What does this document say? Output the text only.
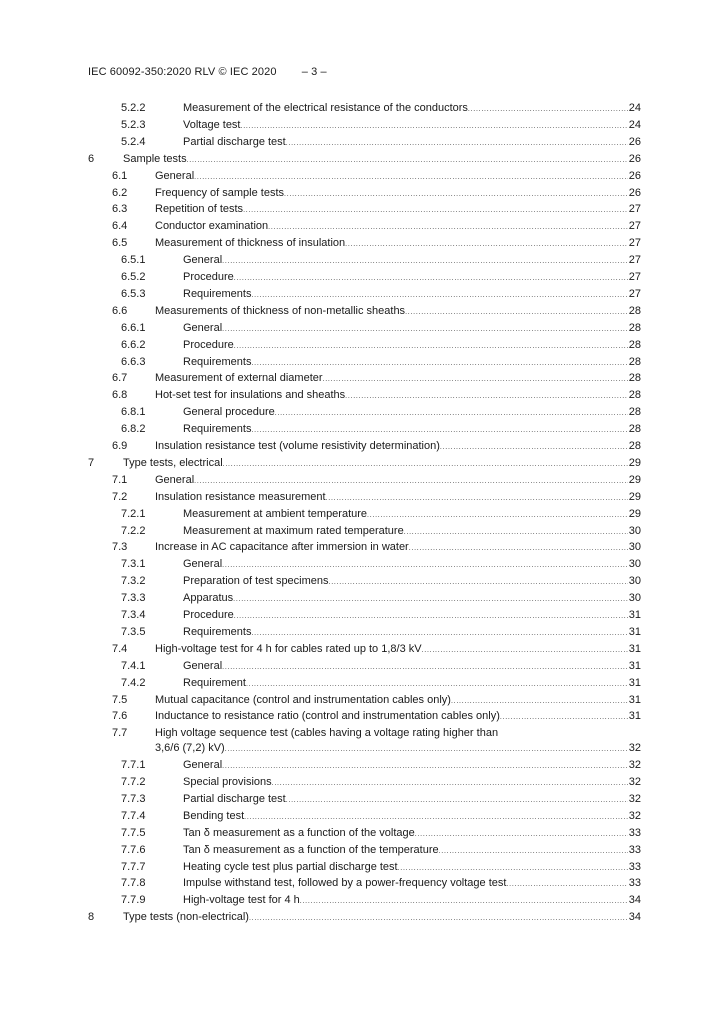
IEC 60092-350:2020 RLV © IEC 2020 – 3 –
5.2.2	Measurement of the electrical resistance of the conductors . . .	24
5.2.3	Voltage test . . .	24
5.2.4	Partial discharge test . . .	26
6	Sample tests . . .	26
6.1	General . . .	26
6.2	Frequency of sample tests . . .	26
6.3	Repetition of tests . . .	27
6.4	Conductor examination . . .	27
6.5	Measurement of thickness of insulation . . .	27
6.5.1	General . . .	27
6.5.2	Procedure . . .	27
6.5.3	Requirements . . .	27
6.6	Measurements of thickness of non-metallic sheaths . . .	28
6.6.1	General . . .	28
6.6.2	Procedure . . .	28
6.6.3	Requirements . . .	28
6.7	Measurement of external diameter . . .	28
6.8	Hot-set test for insulations and sheaths . . .	28
6.8.1	General procedure . . .	28
6.8.2	Requirements . . .	28
6.9	Insulation resistance test (volume resistivity determination) . . .	28
7	Type tests, electrical . . .	29
7.1	General . . .	29
7.2	Insulation resistance measurement . . .	29
7.2.1	Measurement at ambient temperature . . .	29
7.2.2	Measurement at maximum rated temperature . . .	30
7.3	Increase in AC capacitance after immersion in water . . .	30
7.3.1	General . . .	30
7.3.2	Preparation of test specimens . . .	30
7.3.3	Apparatus . . .	30
7.3.4	Procedure . . .	31
7.3.5	Requirements . . .	31
7.4	High-voltage test for 4 h for cables rated up to 1,8/3 kV . . .	31
7.4.1	General . . .	31
7.4.2	Requirement . . .	31
7.5	Mutual capacitance (control and instrumentation cables only) . . .	31
7.6	Inductance to resistance ratio (control and instrumentation cables only) . . .	31
7.7	High voltage sequence test (cables having a voltage rating higher than
3,6/6 (7,2) kV) . . .	32
7.7.1	General . . .	32
7.7.2	Special provisions . . .	32
7.7.3	Partial discharge test . . .	32
7.7.4	Bending test . . .	32
7.7.5	Tan δ measurement as a function of the voltage . . .	33
7.7.6	Tan δ measurement as a function of the temperature . . .	33
7.7.7	Heating cycle test plus partial discharge test . . .	33
7.7.8	Impulse withstand test, followed by a power-frequency voltage test . . .	33
7.7.9	High-voltage test for 4 h . . .	34
8	Type tests (non-electrical) . . .	34
